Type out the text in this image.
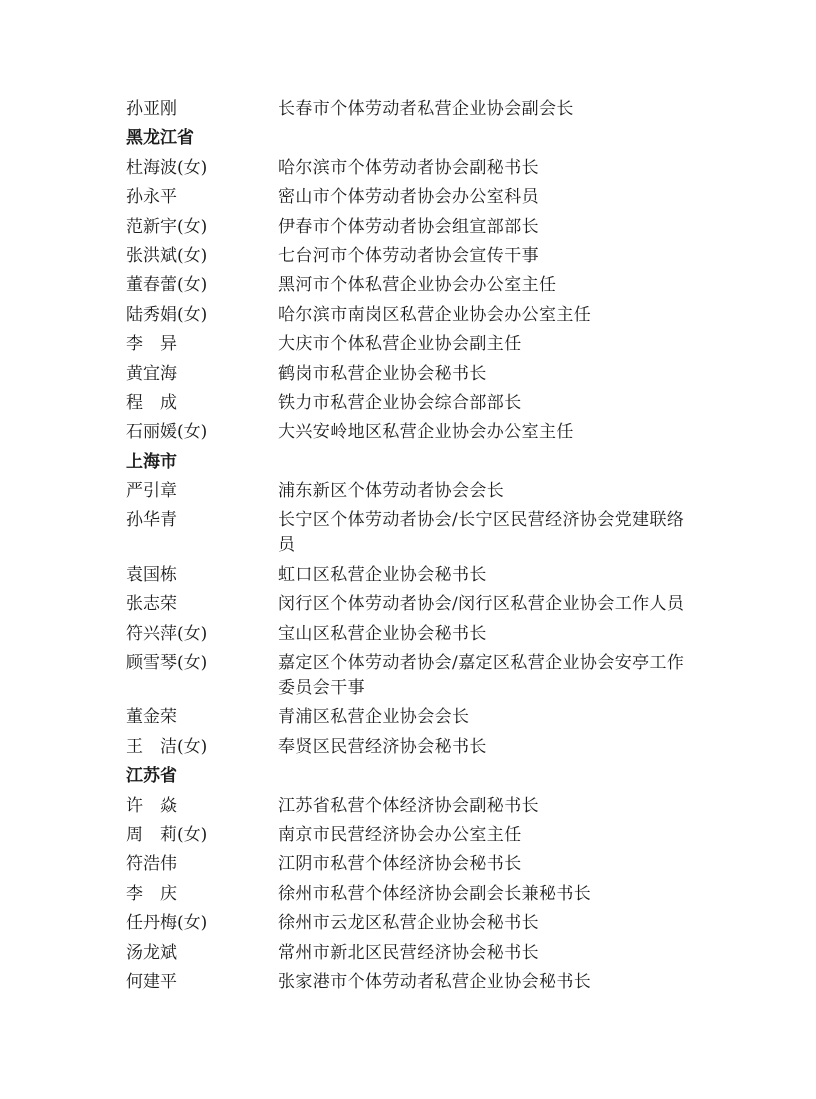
孙亚刚	长春市个体劳动者私营企业协会副会长
黑龙江省
杜海波(女)	哈尔滨市个体劳动者协会副秘书长
孙永平	密山市个体劳动者协会办公室科员
范新宇(女)	伊春市个体劳动者协会组宣部部长
张洪斌(女)	七台河市个体劳动者协会宣传干事
董春蕾(女)	黑河市个体私营企业协会办公室主任
陆秀娟(女)	哈尔滨市南岗区私营企业协会办公室主任
李　异	大庆市个体私营企业协会副主任
黄宜海	鹤岗市私营企业协会秘书长
程　成	铁力市私营企业协会综合部部长
石丽媛(女)	大兴安岭地区私营企业协会办公室主任
上海市
严引章	浦东新区个体劳动者协会会长
孙华青	长宁区个体劳动者协会/长宁区民营经济协会党建联络员
袁国栋	虹口区私营企业协会秘书长
张志荣	闵行区个体劳动者协会/闵行区私营企业协会工作人员
符兴萍(女)	宝山区私营企业协会秘书长
顾雪琴(女)	嘉定区个体劳动者协会/嘉定区私营企业协会安亭工作委员会干事
董金荣	青浦区私营企业协会会长
王　洁(女)	奉贤区民营经济协会秘书长
江苏省
许　焱	江苏省私营个体经济协会副秘书长
周　莉(女)	南京市民营经济协会办公室主任
符浩伟	江阴市私营个体经济协会秘书长
李　庆	徐州市私营个体经济协会副会长兼秘书长
任丹梅(女)	徐州市云龙区私营企业协会秘书长
汤龙斌	常州市新北区民营经济协会秘书长
何建平	张家港市个体劳动者私营企业协会秘书长
